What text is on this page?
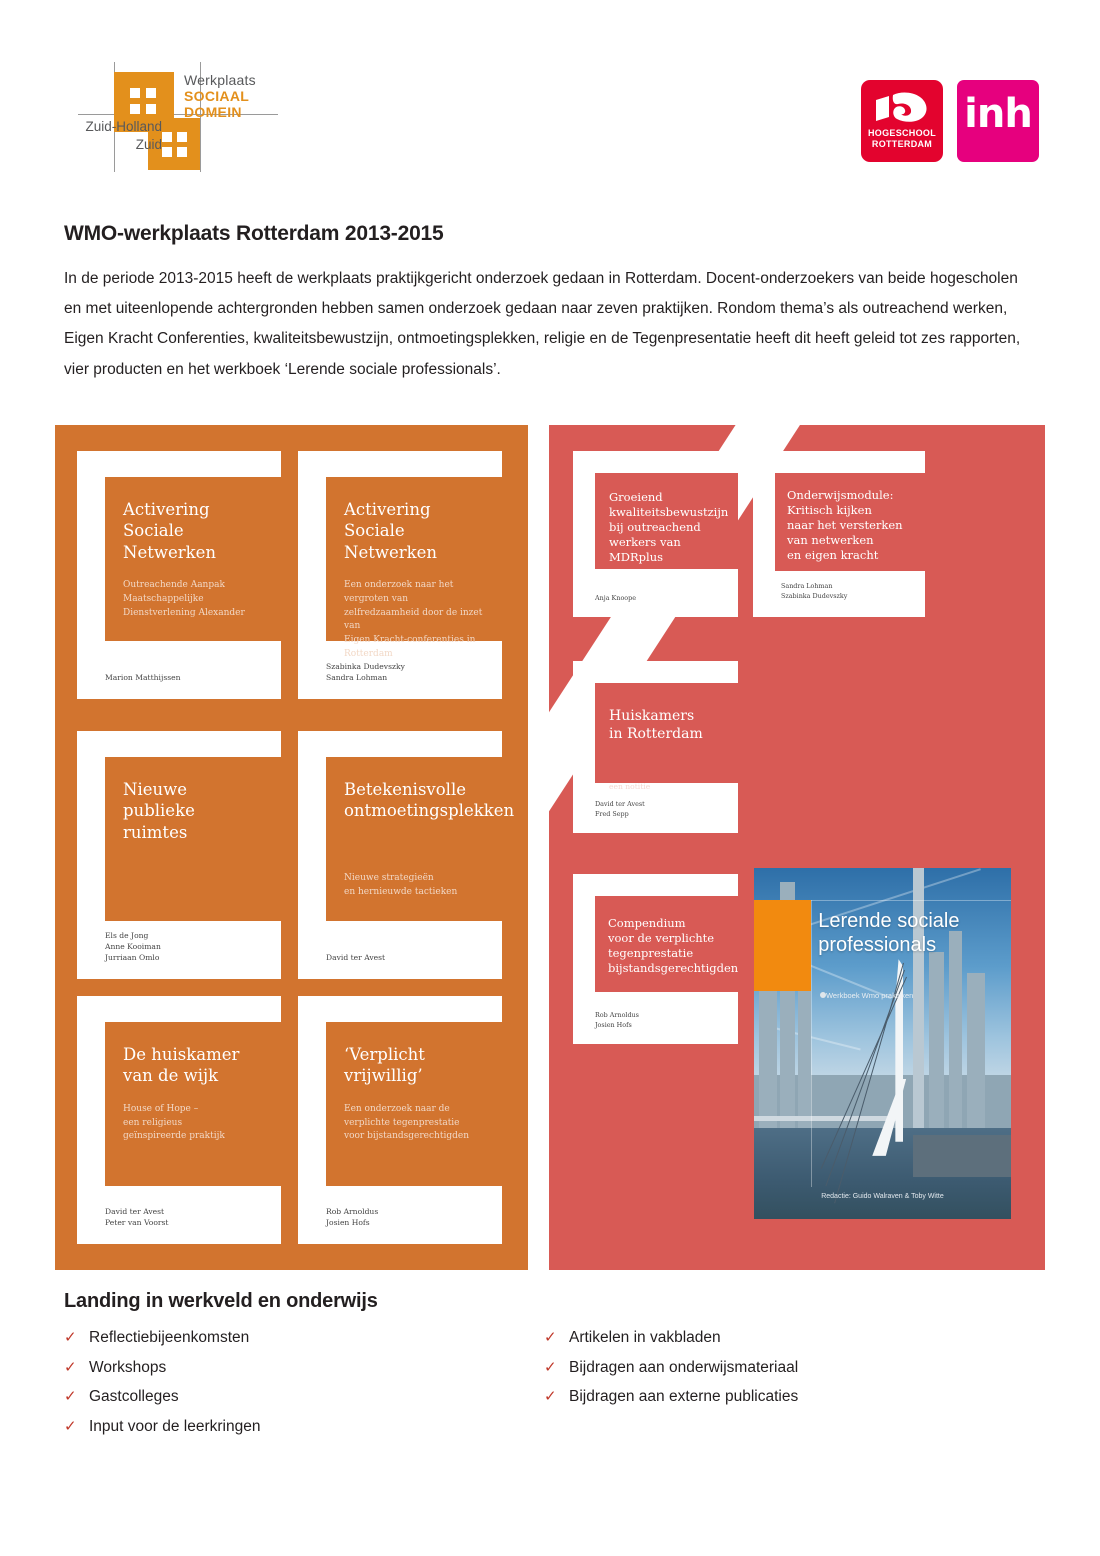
Werkplaats
SOCIAAL DOMEIN
Zuid-Holland
Zuid
HOGESCHOOL
ROTTERDAM
inh
WMO-werkplaats Rotterdam 2013-2015

In de periode 2013-2015 heeft de werkplaats praktijkgericht onderzoek gedaan in Rotterdam. Docent-onderzoekers van beide hogescholen en met uiteenlopende achtergronden hebben samen onderzoek gedaan naar zeven praktijken. Rondom thema’s als outreachend werken, Eigen Kracht Conferenties, kwaliteitsbewustzijn, ontmoetingsplekken, religie en de Tegenpresentatie heeft dit heeft geleid tot zes rapporten, vier producten en het werkboek ‘Lerende sociale professionals’.

Activering
Sociale
Netwerken
Outreachende Aanpak
Maatschappelijke
Dienstverlening Alexander
Marion Matthijssen
Activering
Sociale
Netwerken
Een onderzoek naar het vergroten van
zelfredzaamheid door de inzet van
Eigen Kracht-conferenties in Rotterdam
Szabinka Dudevszky
Sandra Lohman
Nieuwe
publieke
ruimtes
Els de Jong
Anne Kooiman
Jurriaan Omlo
Betekenisvolle
ontmoetingsplekken
Nieuwe strategieën
en hernieuwde tactieken
David ter Avest
De huiskamer
van de wijk
House of Hope –
een religieus
geïnspireerde praktijk
David ter Avest
Peter van Voorst
‘Verplicht
vrijwillig’
Een onderzoek naar de
verplichte tegenprestatie
voor bijstandsgerechtigden
Rob Arnoldus
Josien Hofs
Groeiend
kwaliteitsbewustzijn
bij outreachend
werkers van
MDRplus
Anja Knoope
Onderwijsmodule:
Kritisch kijken
naar het versterken
van netwerken
en eigen kracht
Sandra Lohman
Szabinka Dudevszky
Huiskamers
in Rotterdam
een notitie
David ter Avest
Fred Sepp
Compendium
voor de verplichte
tegenprestatie
bijstandsgerechtigden
Rob Arnoldus
Josien Hofs
Lerende sociale
professionals
Werkboek Wmo praktijken
Redactie: Guido Walraven & Toby Witte
Landing in werkveld en onderwijs
✓ Reflectiebijeenkomsten
✓ Workshops
✓ Gastcolleges
✓ Input voor de leerkringen
✓ Artikelen in vakbladen
✓ Bijdragen aan onderwijsmateriaal
✓ Bijdragen aan externe publicaties
